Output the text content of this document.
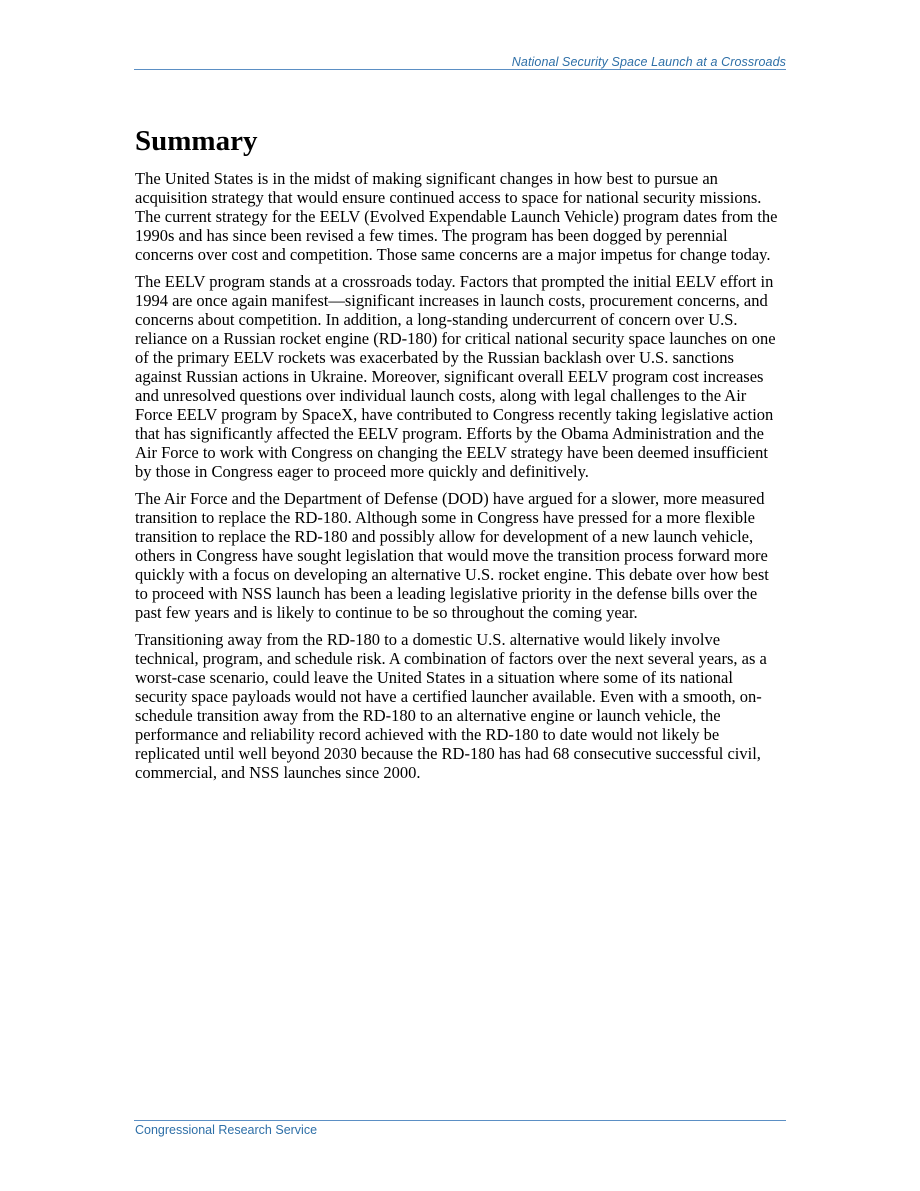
National Security Space Launch at a Crossroads
Summary

The United States is in the midst of making significant changes in how best to pursue an
acquisition strategy that would ensure continued access to space for national security missions.
The current strategy for the EELV (Evolved Expendable Launch Vehicle) program dates from the
1990s and has since been revised a few times. The program has been dogged by perennial
concerns over cost and competition. Those same concerns are a major impetus for change today.

The EELV program stands at a crossroads today. Factors that prompted the initial EELV effort in
1994 are once again manifest—significant increases in launch costs, procurement concerns, and
concerns about competition. In addition, a long-standing undercurrent of concern over U.S.
reliance on a Russian rocket engine (RD-180) for critical national security space launches on one
of the primary EELV rockets was exacerbated by the Russian backlash over U.S. sanctions
against Russian actions in Ukraine. Moreover, significant overall EELV program cost increases
and unresolved questions over individual launch costs, along with legal challenges to the Air
Force EELV program by SpaceX, have contributed to Congress recently taking legislative action
that has significantly affected the EELV program. Efforts by the Obama Administration and the
Air Force to work with Congress on changing the EELV strategy have been deemed insufficient
by those in Congress eager to proceed more quickly and definitively.

The Air Force and the Department of Defense (DOD) have argued for a slower, more measured
transition to replace the RD-180. Although some in Congress have pressed for a more flexible
transition to replace the RD-180 and possibly allow for development of a new launch vehicle,
others in Congress have sought legislation that would move the transition process forward more
quickly with a focus on developing an alternative U.S. rocket engine. This debate over how best
to proceed with NSS launch has been a leading legislative priority in the defense bills over the
past few years and is likely to continue to be so throughout the coming year.

Transitioning away from the RD-180 to a domestic U.S. alternative would likely involve
technical, program, and schedule risk. A combination of factors over the next several years, as a
worst-case scenario, could leave the United States in a situation where some of its national
security space payloads would not have a certified launcher available. Even with a smooth, on-
schedule transition away from the RD-180 to an alternative engine or launch vehicle, the
performance and reliability record achieved with the RD-180 to date would not likely be
replicated until well beyond 2030 because the RD-180 has had 68 consecutive successful civil,
commercial, and NSS launches since 2000.

Congressional Research Service
